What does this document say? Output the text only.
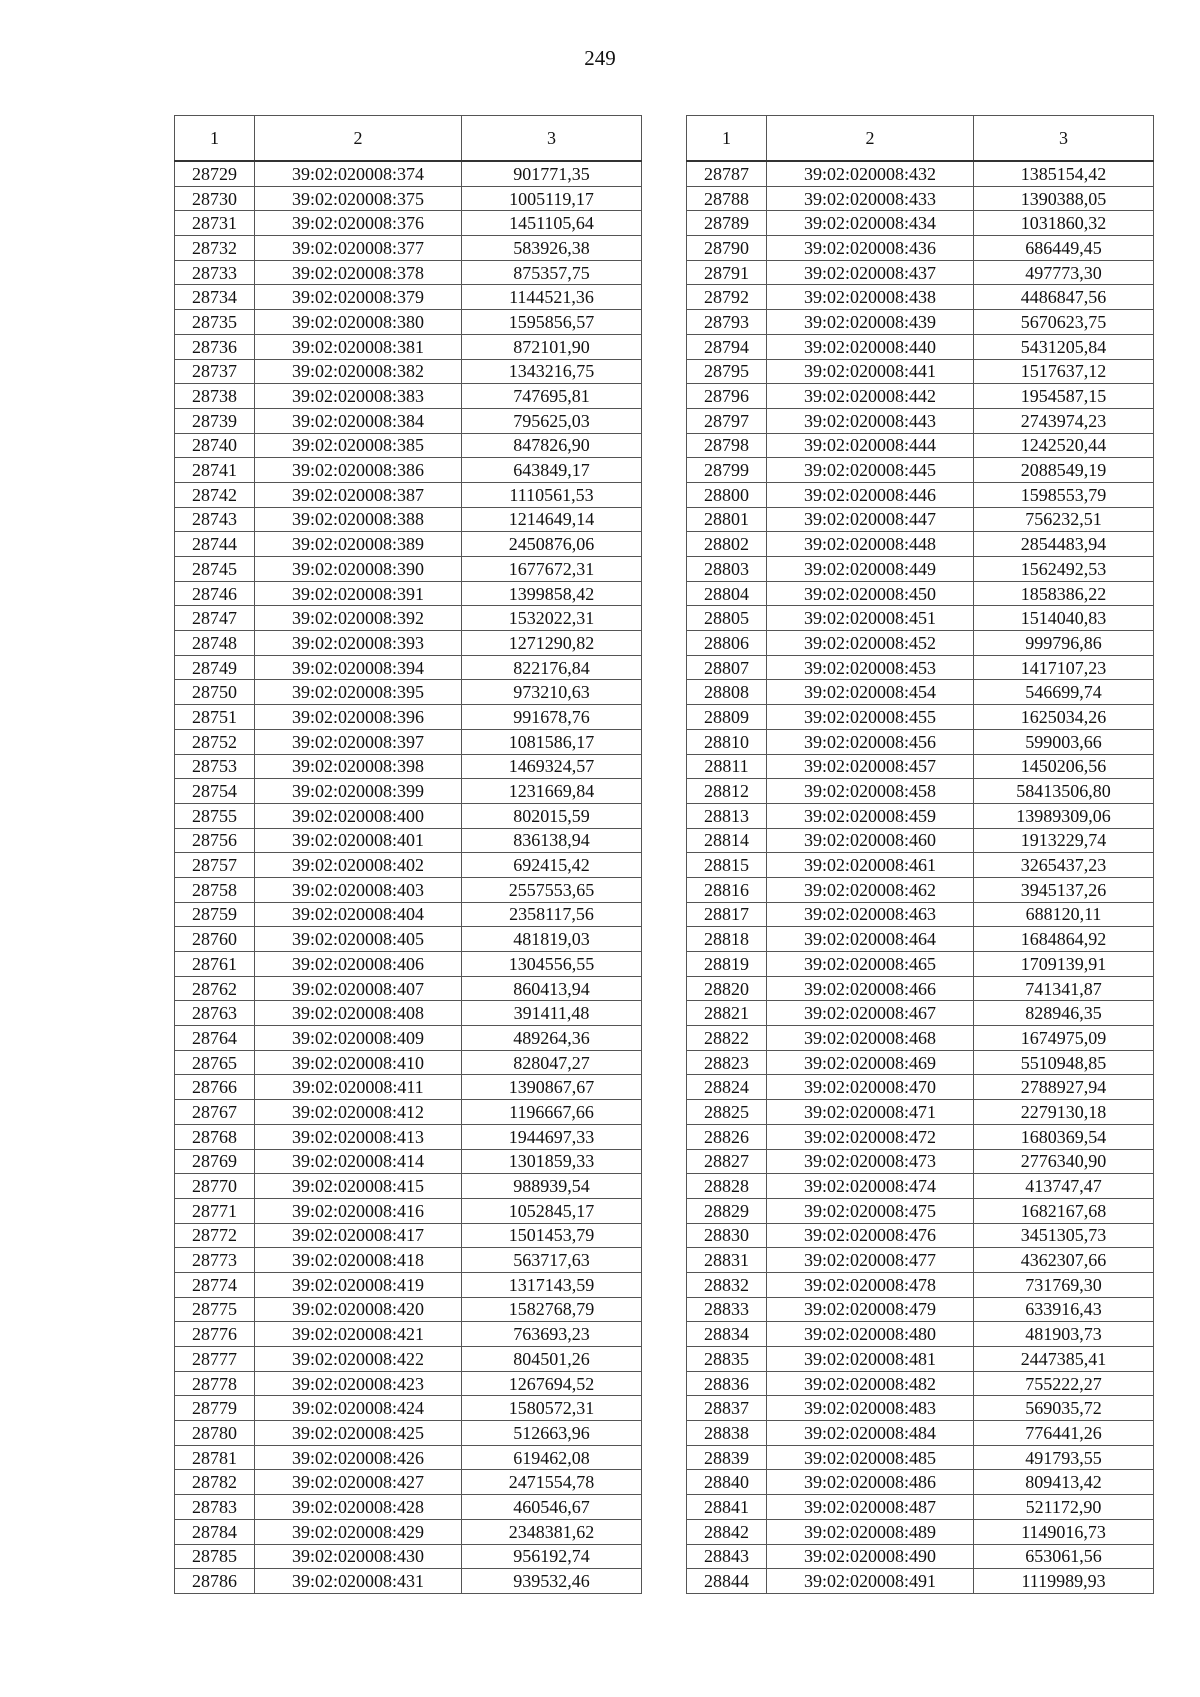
249
1	2	3
28729	39:02:020008:374	901771,35
28730	39:02:020008:375	1005119,17
28731	39:02:020008:376	1451105,64
28732	39:02:020008:377	583926,38
28733	39:02:020008:378	875357,75
28734	39:02:020008:379	1144521,36
28735	39:02:020008:380	1595856,57
28736	39:02:020008:381	872101,90
28737	39:02:020008:382	1343216,75
28738	39:02:020008:383	747695,81
28739	39:02:020008:384	795625,03
28740	39:02:020008:385	847826,90
28741	39:02:020008:386	643849,17
28742	39:02:020008:387	1110561,53
28743	39:02:020008:388	1214649,14
28744	39:02:020008:389	2450876,06
28745	39:02:020008:390	1677672,31
28746	39:02:020008:391	1399858,42
28747	39:02:020008:392	1532022,31
28748	39:02:020008:393	1271290,82
28749	39:02:020008:394	822176,84
28750	39:02:020008:395	973210,63
28751	39:02:020008:396	991678,76
28752	39:02:020008:397	1081586,17
28753	39:02:020008:398	1469324,57
28754	39:02:020008:399	1231669,84
28755	39:02:020008:400	802015,59
28756	39:02:020008:401	836138,94
28757	39:02:020008:402	692415,42
28758	39:02:020008:403	2557553,65
28759	39:02:020008:404	2358117,56
28760	39:02:020008:405	481819,03
28761	39:02:020008:406	1304556,55
28762	39:02:020008:407	860413,94
28763	39:02:020008:408	391411,48
28764	39:02:020008:409	489264,36
28765	39:02:020008:410	828047,27
28766	39:02:020008:411	1390867,67
28767	39:02:020008:412	1196667,66
28768	39:02:020008:413	1944697,33
28769	39:02:020008:414	1301859,33
28770	39:02:020008:415	988939,54
28771	39:02:020008:416	1052845,17
28772	39:02:020008:417	1501453,79
28773	39:02:020008:418	563717,63
28774	39:02:020008:419	1317143,59
28775	39:02:020008:420	1582768,79
28776	39:02:020008:421	763693,23
28777	39:02:020008:422	804501,26
28778	39:02:020008:423	1267694,52
28779	39:02:020008:424	1580572,31
28780	39:02:020008:425	512663,96
28781	39:02:020008:426	619462,08
28782	39:02:020008:427	2471554,78
28783	39:02:020008:428	460546,67
28784	39:02:020008:429	2348381,62
28785	39:02:020008:430	956192,74
28786	39:02:020008:431	939532,46
1	2	3
28787	39:02:020008:432	1385154,42
28788	39:02:020008:433	1390388,05
28789	39:02:020008:434	1031860,32
28790	39:02:020008:436	686449,45
28791	39:02:020008:437	497773,30
28792	39:02:020008:438	4486847,56
28793	39:02:020008:439	5670623,75
28794	39:02:020008:440	5431205,84
28795	39:02:020008:441	1517637,12
28796	39:02:020008:442	1954587,15
28797	39:02:020008:443	2743974,23
28798	39:02:020008:444	1242520,44
28799	39:02:020008:445	2088549,19
28800	39:02:020008:446	1598553,79
28801	39:02:020008:447	756232,51
28802	39:02:020008:448	2854483,94
28803	39:02:020008:449	1562492,53
28804	39:02:020008:450	1858386,22
28805	39:02:020008:451	1514040,83
28806	39:02:020008:452	999796,86
28807	39:02:020008:453	1417107,23
28808	39:02:020008:454	546699,74
28809	39:02:020008:455	1625034,26
28810	39:02:020008:456	599003,66
28811	39:02:020008:457	1450206,56
28812	39:02:020008:458	58413506,80
28813	39:02:020008:459	13989309,06
28814	39:02:020008:460	1913229,74
28815	39:02:020008:461	3265437,23
28816	39:02:020008:462	3945137,26
28817	39:02:020008:463	688120,11
28818	39:02:020008:464	1684864,92
28819	39:02:020008:465	1709139,91
28820	39:02:020008:466	741341,87
28821	39:02:020008:467	828946,35
28822	39:02:020008:468	1674975,09
28823	39:02:020008:469	5510948,85
28824	39:02:020008:470	2788927,94
28825	39:02:020008:471	2279130,18
28826	39:02:020008:472	1680369,54
28827	39:02:020008:473	2776340,90
28828	39:02:020008:474	413747,47
28829	39:02:020008:475	1682167,68
28830	39:02:020008:476	3451305,73
28831	39:02:020008:477	4362307,66
28832	39:02:020008:478	731769,30
28833	39:02:020008:479	633916,43
28834	39:02:020008:480	481903,73
28835	39:02:020008:481	2447385,41
28836	39:02:020008:482	755222,27
28837	39:02:020008:483	569035,72
28838	39:02:020008:484	776441,26
28839	39:02:020008:485	491793,55
28840	39:02:020008:486	809413,42
28841	39:02:020008:487	521172,90
28842	39:02:020008:489	1149016,73
28843	39:02:020008:490	653061,56
28844	39:02:020008:491	1119989,93
